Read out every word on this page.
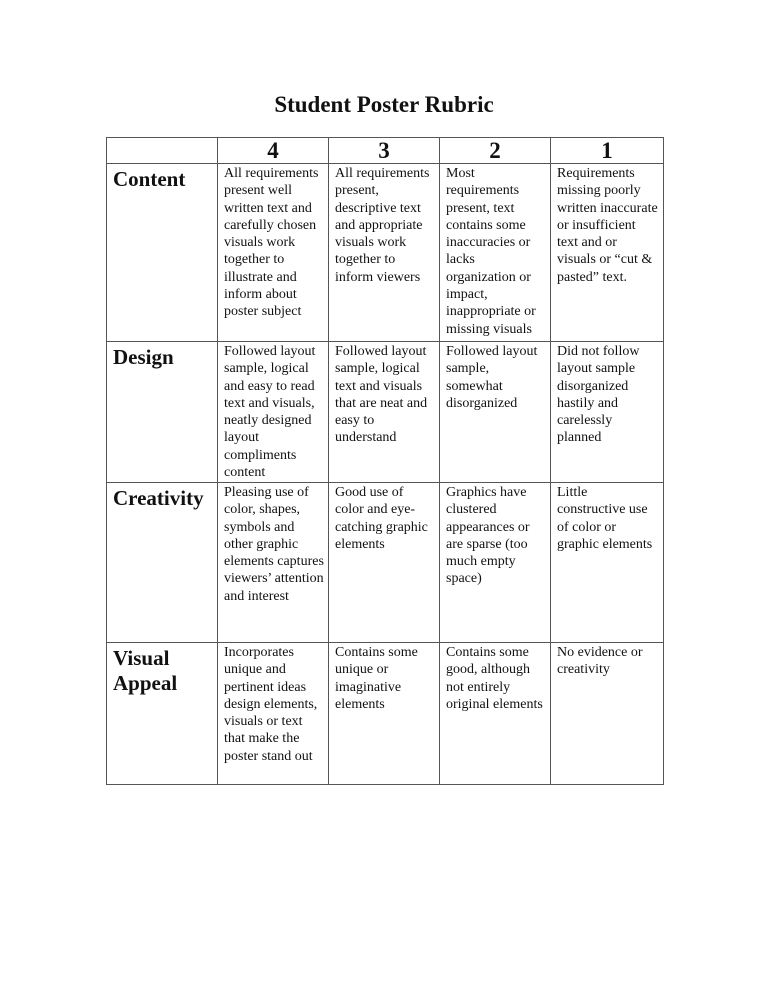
Student Poster Rubric
	4	3	2	1
Content	All requirements present well written text and carefully chosen visuals work together to illustrate and inform about poster subject	All requirements present, descriptive text and appropriate visuals work together to inform viewers	Most requirements present, text contains some inaccuracies or lacks organization or impact, inappropriate or missing visuals	Requirements missing poorly written inaccurate or insufficient text and or visuals or “cut & pasted” text.
Design	Followed layout sample, logical and easy to read text and visuals, neatly designed layout compliments content	Followed layout sample, logical text and visuals that are neat and easy to understand	Followed layout sample, somewhat disorganized	Did not follow layout sample disorganized hastily and carelessly planned
Creativity	Pleasing use of color, shapes, symbols and other graphic elements captures viewers’ attention and interest	Good use of color and eye-catching graphic elements	Graphics have clustered appearances or are sparse (too much empty space)	Little constructive use of color or graphic elements
Visual Appeal	Incorporates unique and pertinent ideas design elements, visuals or text that make the poster stand out	Contains some unique or imaginative elements	Contains some good, although not entirely original elements	No evidence or creativity
